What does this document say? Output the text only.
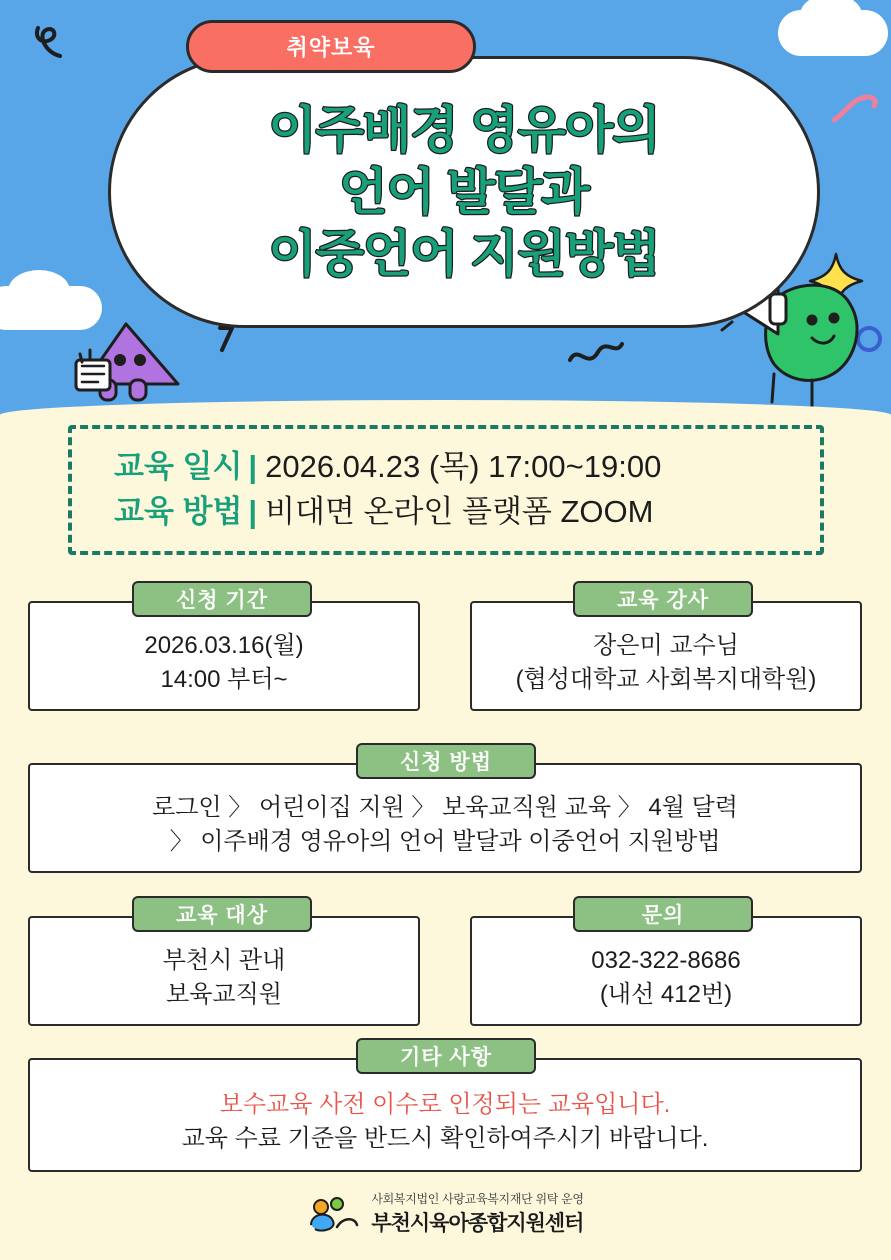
이주배경 영유아의
언어 발달과
이중언어 지원방법
취약보육
교육 일시 | 2026.04.23 (목) 17:00~19:00
교육 방법 | 비대면 온라인 플랫폼 ZOOM
신청 기간
2026.03.16(월)
14:00 부터~
교육 강사
장은미 교수님
(협성대학교 사회복지대학원)
신청 방법
로그인 〉 어린이집 지원 〉 보육교직원 교육 〉 4월 달력
〉 이주배경 영유아의 언어 발달과 이중언어 지원방법
교육 대상
부천시 관내
보육교직원
문의
032-322-8686
(내선 412번)
기타 사항
보수교육 사전 이수로 인정되는 교육입니다.
교육 수료 기준을 반드시 확인하여주시기 바랍니다.
사회복지법인 사랑교육복지재단 위탁 운영
부천시육아종합지원센터
